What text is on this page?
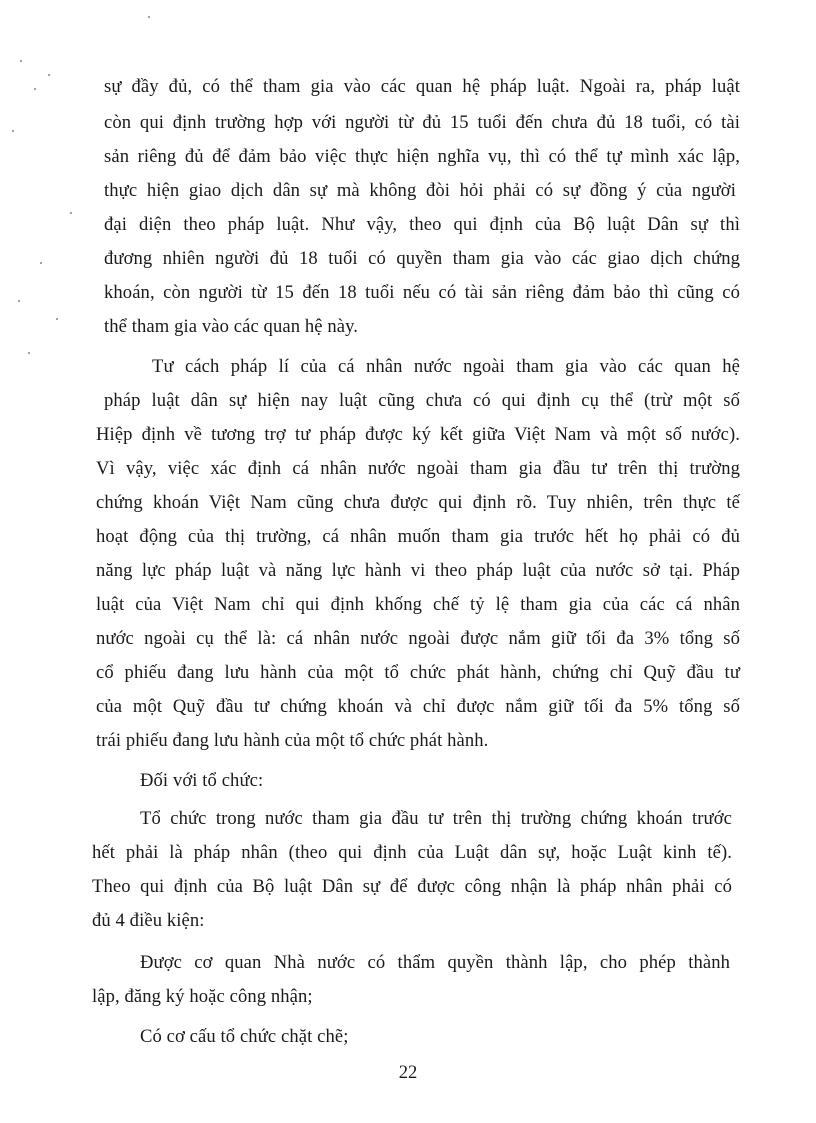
sự đầy đủ, có thể tham gia vào các quan hệ pháp luật. Ngoài ra, pháp luật
còn qui định trường hợp với người từ đủ 15 tuổi đến chưa đủ 18 tuổi, có tài
sản riêng đủ để đảm bảo việc thực hiện nghĩa vụ, thì có thể tự mình xác lập,
thực hiện giao dịch dân sự mà không đòi hỏi phải có sự đồng ý của người
đại diện theo pháp luật. Như vậy, theo qui định của Bộ luật Dân sự thì
đương nhiên người đủ 18 tuổi có quyền tham gia vào các giao dịch chứng
khoán, còn người từ 15 đến 18 tuổi nếu có tài sản riêng đảm bảo thì cũng có
thể tham gia vào các quan hệ này.
Tư cách pháp lí của cá nhân nước ngoài tham gia vào các quan hệ
pháp luật dân sự hiện nay luật cũng chưa có qui định cụ thể (trừ một số
Hiệp định về tương trợ tư pháp được ký kết giữa Việt Nam và một số nước).
Vì vậy, việc xác định cá nhân nước ngoài tham gia đầu tư trên thị trường
chứng khoán Việt Nam cũng chưa được qui định rõ. Tuy nhiên, trên thực tế
hoạt động của thị trường, cá nhân muốn tham gia trước hết họ phải có đủ
năng lực pháp luật và năng lực hành vi theo pháp luật của nước sở tại. Pháp
luật của Việt Nam chỉ qui định khống chế tỷ lệ tham gia của các cá nhân
nước ngoài cụ thể là: cá nhân nước ngoài được nắm giữ tối đa 3% tổng số
cổ phiếu đang lưu hành của một tổ chức phát hành, chứng chỉ Quỹ đầu tư
của một Quỹ đầu tư chứng khoán và chỉ được nắm giữ tối đa 5% tổng số
trái phiếu đang lưu hành của một tổ chức phát hành.
Đối với tổ chức:
Tổ chức trong nước tham gia đầu tư trên thị trường chứng khoán trước
hết phải là pháp nhân (theo qui định của Luật dân sự, hoặc Luật kinh tế).
Theo qui định của Bộ luật Dân sự để được công nhận là pháp nhân phải có
đủ 4 điều kiện:
Được cơ quan Nhà nước có thẩm quyền thành lập, cho phép thành
lập, đăng ký hoặc công nhận;
Có cơ cấu tổ chức chặt chẽ;
22
